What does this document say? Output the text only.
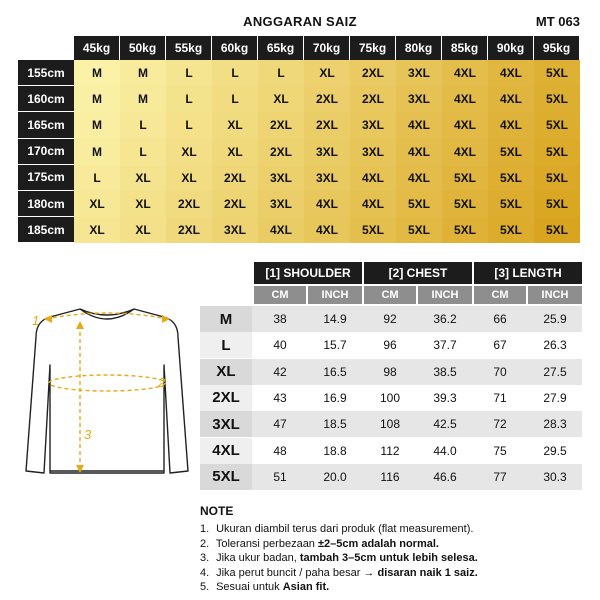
ANGGARAN SAIZ	MT 063
45kg	50kg	55kg	60kg	65kg	70kg	75kg	80kg	85kg	90kg	95kg
155cm	M	M	L	L	L	XL	2XL	3XL	4XL	4XL	5XL
160cm	M	M	L	L	XL	2XL	2XL	3XL	4XL	4XL	5XL
165cm	M	L	L	XL	2XL	2XL	3XL	4XL	4XL	4XL	5XL
170cm	M	L	XL	XL	2XL	3XL	3XL	4XL	4XL	5XL	5XL
175cm	L	XL	XL	2XL	3XL	3XL	4XL	4XL	5XL	5XL	5XL
180cm	XL	XL	2XL	2XL	3XL	4XL	4XL	5XL	5XL	5XL	5XL
185cm	XL	XL	2XL	3XL	4XL	4XL	5XL	5XL	5XL	5XL	5XL
1
2
3
[1] SHOULDER	[2] CHEST	[3] LENGTH
CM	INCH	CM	INCH	CM	INCH
M	38	14.9	92	36.2	66	25.9
L	40	15.7	96	37.7	67	26.3
XL	42	16.5	98	38.5	70	27.5
2XL	43	16.9	100	39.3	71	27.9
3XL	47	18.5	108	42.5	72	28.3
4XL	48	18.8	112	44.0	75	29.5
5XL	51	20.0	116	46.6	77	30.3
NOTE
1. Ukuran diambil terus dari produk (flat measurement).
2. Toleransi perbezaan ±2–5cm adalah normal.
3. Jika ukur badan, tambah 3–5cm untuk lebih selesa.
4. Jika perut buncit / paha besar → disaran naik 1 saiz.
5. Sesuai untuk Asian fit.
